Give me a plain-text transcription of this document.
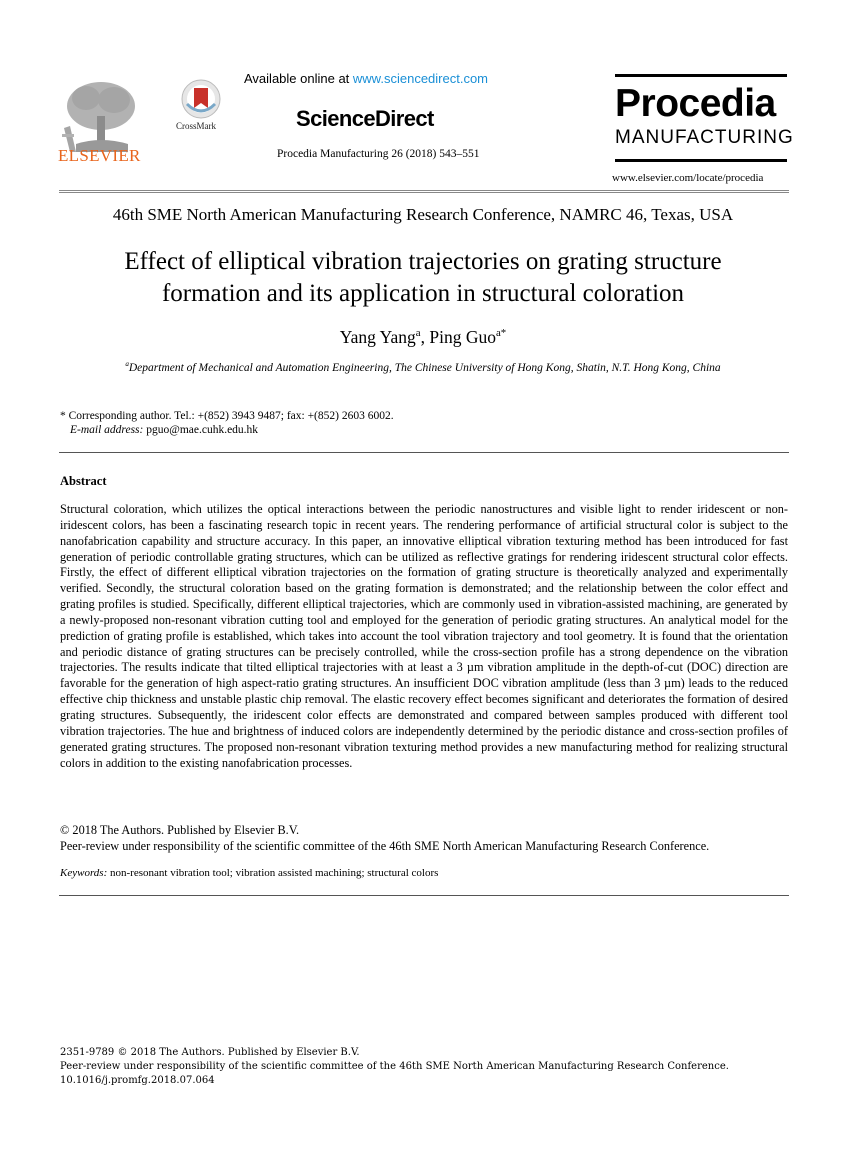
ELSEVIER
CrossMark
Available online at www.sciencedirect.com
ScienceDirect
Procedia Manufacturing 26 (2018) 543–551
Procedia
MANUFACTURING
www.elsevier.com/locate/procedia
46th SME North American Manufacturing Research Conference, NAMRC 46, Texas, USA
Effect of elliptical vibration trajectories on grating structure
formation and its application in structural coloration
Yang Yang$^a$, Ping Guo$^{a*}$
$^a$Department of Mechanical and Automation Engineering, The Chinese University of Hong Kong, Shatin, N.T. Hong Kong, China
* Corresponding author. Tel.: +(852) 3943 9487; fax: +(852) 2603 6002.
E-mail address: pguo@mae.cuhk.edu.hk
Abstract
Structural coloration, which utilizes the optical interactions between the periodic nanostructures and visible light to render iridescent or non-iridescent colors, has been a fascinating research topic in recent years. The rendering performance of artificial structural color is subject to the nanofabrication capability and structure accuracy. In this paper, an innovative elliptical vibration texturing method has been introduced for fast generation of periodic controllable grating structures, which can be utilized as reflective gratings for rendering iridescent structural color effects. Firstly, the effect of different elliptical vibration trajectories on the formation of grating structure is theoretically analyzed and experimentally verified. Secondly, the structural coloration based on the grating formation is demonstrated; and the relationship between the color effect and grating profiles is studied. Specifically, different elliptical trajectories, which are commonly used in vibration-assisted machining, are generated by a newly-proposed non-resonant vibration cutting tool and employed for the generation of periodic grating structures. An analytical model for the prediction of grating profile is established, which takes into account the tool vibration trajectory and tool geometry. It is found that the orientation and periodic distance of grating structures can be precisely controlled, while the cross-section profile has a strong dependence on the vibration trajectories. The results indicate that tilted elliptical trajectories with at least a 3 µm vibration amplitude in the depth-of-cut (DOC) direction are favorable for the generation of high aspect-ratio grating structures. An insufficient DOC vibration amplitude (less than 3 µm) leads to the reduced effective chip thickness and unstable plastic chip removal. The elastic recovery effect becomes significant and deteriorates the formation of desired grating structures. Subsequently, the iridescent color effects are demonstrated and compared between samples produced with different tool vibration trajectories. The hue and brightness of induced colors are independently determined by the periodic distance and cross-section profiles of generated grating structures. The proposed non-resonant vibration texturing method provides a new manufacturing method for realizing structural colors in addition to the existing nanofabrication processes.
© 2018 The Authors. Published by Elsevier B.V.
Peer-review under responsibility of the scientific committee of the 46th SME North American Manufacturing Research Conference.
Keywords: non-resonant vibration tool; vibration assisted machining; structural colors
2351-9789 © 2018 The Authors. Published by Elsevier B.V.
Peer-review under responsibility of the scientific committee of the 46th SME North American Manufacturing Research Conference.
10.1016/j.promfg.2018.07.064
